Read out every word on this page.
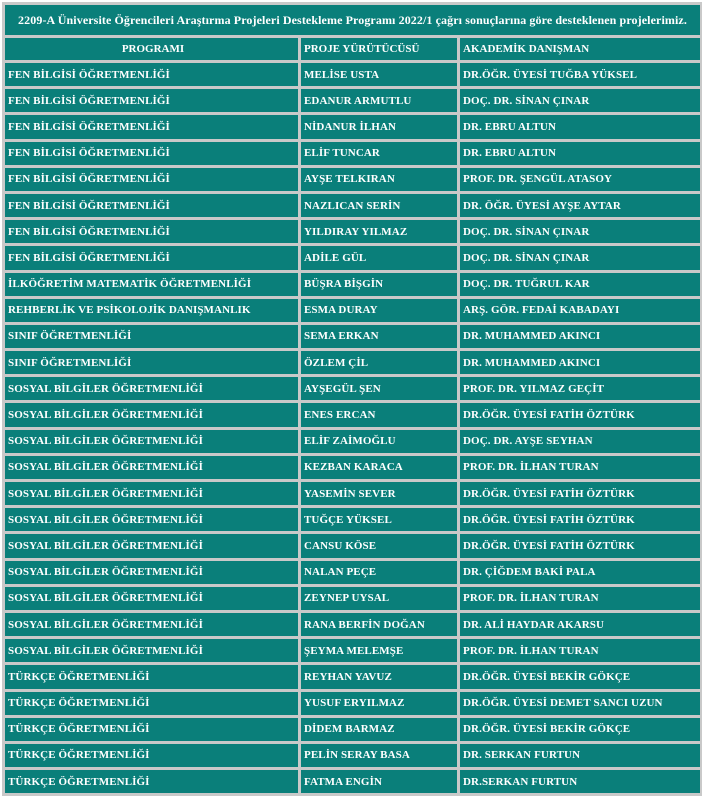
2209-A Üniversite Öğrencileri Araştırma Projeleri Destekleme Programı 2022/1 çağrı sonuçlarına göre desteklenen projelerimiz.		
PROGRAMI	PROJE YÜRÜTÜCÜSÜ	AKADEMİK DANIŞMAN
FEN BİLGİSİ ÖĞRETMENLİĞİ	MELİSE USTA	DR.ÖĞR. ÜYESİ TUĞBA YÜKSEL
FEN BİLGİSİ ÖĞRETMENLİĞİ	EDANUR ARMUTLU	DOÇ. DR. SİNAN ÇINAR
FEN BİLGİSİ ÖĞRETMENLİĞİ	NİDANUR İLHAN	DR. EBRU ALTUN
FEN BİLGİSİ ÖĞRETMENLİĞİ	ELİF TUNCAR	DR. EBRU ALTUN
FEN BİLGİSİ ÖĞRETMENLİĞİ	AYŞE TELKIRAN	PROF. DR. ŞENGÜL ATASOY
FEN BİLGİSİ ÖĞRETMENLİĞİ	NAZLICAN SERİN	DR. ÖĞR. ÜYESİ AYŞE AYTAR
FEN BİLGİSİ ÖĞRETMENLİĞİ	YILDIRAY YILMAZ	DOÇ. DR. SİNAN ÇINAR
FEN BİLGİSİ ÖĞRETMENLİĞİ	ADİLE GÜL	DOÇ. DR. SİNAN ÇINAR
İLKÖĞRETİM MATEMATİK ÖĞRETMENLİĞİ	BÜŞRA BİŞGİN	DOÇ. DR. TUĞRUL KAR
REHBERLİK VE PSİKOLOJİK DANIŞMANLIK	ESMA DURAY	ARŞ. GÖR. FEDAİ KABADAYI
SINIF ÖĞRETMENLİĞİ	SEMA ERKAN	DR. MUHAMMED AKINCI
SINIF ÖĞRETMENLİĞİ	ÖZLEM ÇİL	DR. MUHAMMED AKINCI
SOSYAL BİLGİLER ÖĞRETMENLİĞİ	AYŞEGÜL ŞEN	PROF. DR. YILMAZ GEÇİT
SOSYAL BİLGİLER ÖĞRETMENLİĞİ	ENES ERCAN	DR.ÖĞR. ÜYESİ FATİH ÖZTÜRK
SOSYAL BİLGİLER ÖĞRETMENLİĞİ	ELİF ZAİMOĞLU	DOÇ. DR. AYŞE SEYHAN
SOSYAL BİLGİLER ÖĞRETMENLİĞİ	KEZBAN KARACA	PROF. DR. İLHAN TURAN
SOSYAL BİLGİLER ÖĞRETMENLİĞİ	YASEMİN SEVER	DR.ÖĞR. ÜYESİ FATİH ÖZTÜRK
SOSYAL BİLGİLER ÖĞRETMENLİĞİ	TUĞÇE YÜKSEL	DR.ÖĞR. ÜYESİ FATİH ÖZTÜRK
SOSYAL BİLGİLER ÖĞRETMENLİĞİ	CANSU KÖSE	DR.ÖĞR. ÜYESİ FATİH ÖZTÜRK
SOSYAL BİLGİLER ÖĞRETMENLİĞİ	NALAN PEÇE	DR. ÇİĞDEM BAKİ PALA
SOSYAL BİLGİLER ÖĞRETMENLİĞİ	ZEYNEP UYSAL	PROF. DR. İLHAN TURAN
SOSYAL BİLGİLER ÖĞRETMENLİĞİ	RANA BERFİN DOĞAN	DR. ALİ HAYDAR AKARSU
SOSYAL BİLGİLER ÖĞRETMENLİĞİ	ŞEYMA MELEMŞE	PROF. DR. İLHAN TURAN
TÜRKÇE ÖĞRETMENLİĞİ	REYHAN YAVUZ	DR.ÖĞR. ÜYESİ BEKİR GÖKÇE
TÜRKÇE ÖĞRETMENLİĞİ	YUSUF ERYILMAZ	DR.ÖĞR. ÜYESİ DEMET SANCI UZUN
TÜRKÇE ÖĞRETMENLİĞİ	DİDEM BARMAZ	DR.ÖĞR. ÜYESİ BEKİR GÖKÇE
TÜRKÇE ÖĞRETMENLİĞİ	PELİN SERAY BASA	DR. SERKAN FURTUN
TÜRKÇE ÖĞRETMENLİĞİ	FATMA ENGİN	DR.SERKAN FURTUN
